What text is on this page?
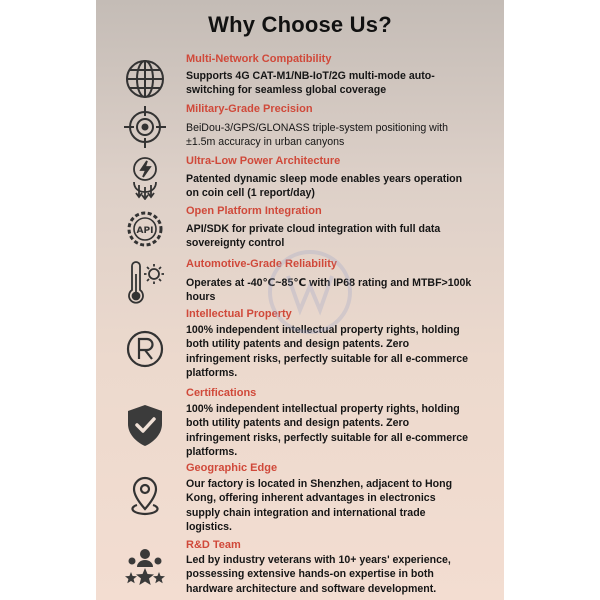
Why Choose Us?
Multi-Network Compatibility
Supports 4G CAT-M1/NB-IoT/2G multi-mode auto-switching for seamless global coverage
Military-Grade Precision
BeiDou-3/GPS/GLONASS triple-system positioning with ±1.5m accuracy in urban canyons
Ultra-Low Power Architecture
Patented dynamic sleep mode enables years operation on coin cell (1 report/day)
API
Open Platform Integration
API/SDK for private cloud integration with full data sovereignty control
Automotive-Grade Reliability
Operates at -40℃~85℃ with IP68 rating and MTBF>100k hours
Intellectual Property
100% independent intellectual property rights, holding both utility patents and design patents. Zero infringement risks, perfectly suitable for all e-commerce platforms.
Certifications
100% independent intellectual property rights, holding both utility patents and design patents. Zero infringement risks, perfectly suitable for all e-commerce platforms.
Geographic Edge
Our factory is located in Shenzhen, adjacent to Hong Kong, offering inherent advantages in electronics supply chain integration and international trade logistics.
R&D Team
Led by industry veterans with 10+ years' experience, possessing extensive hands-on expertise in both hardware architecture and software development.
